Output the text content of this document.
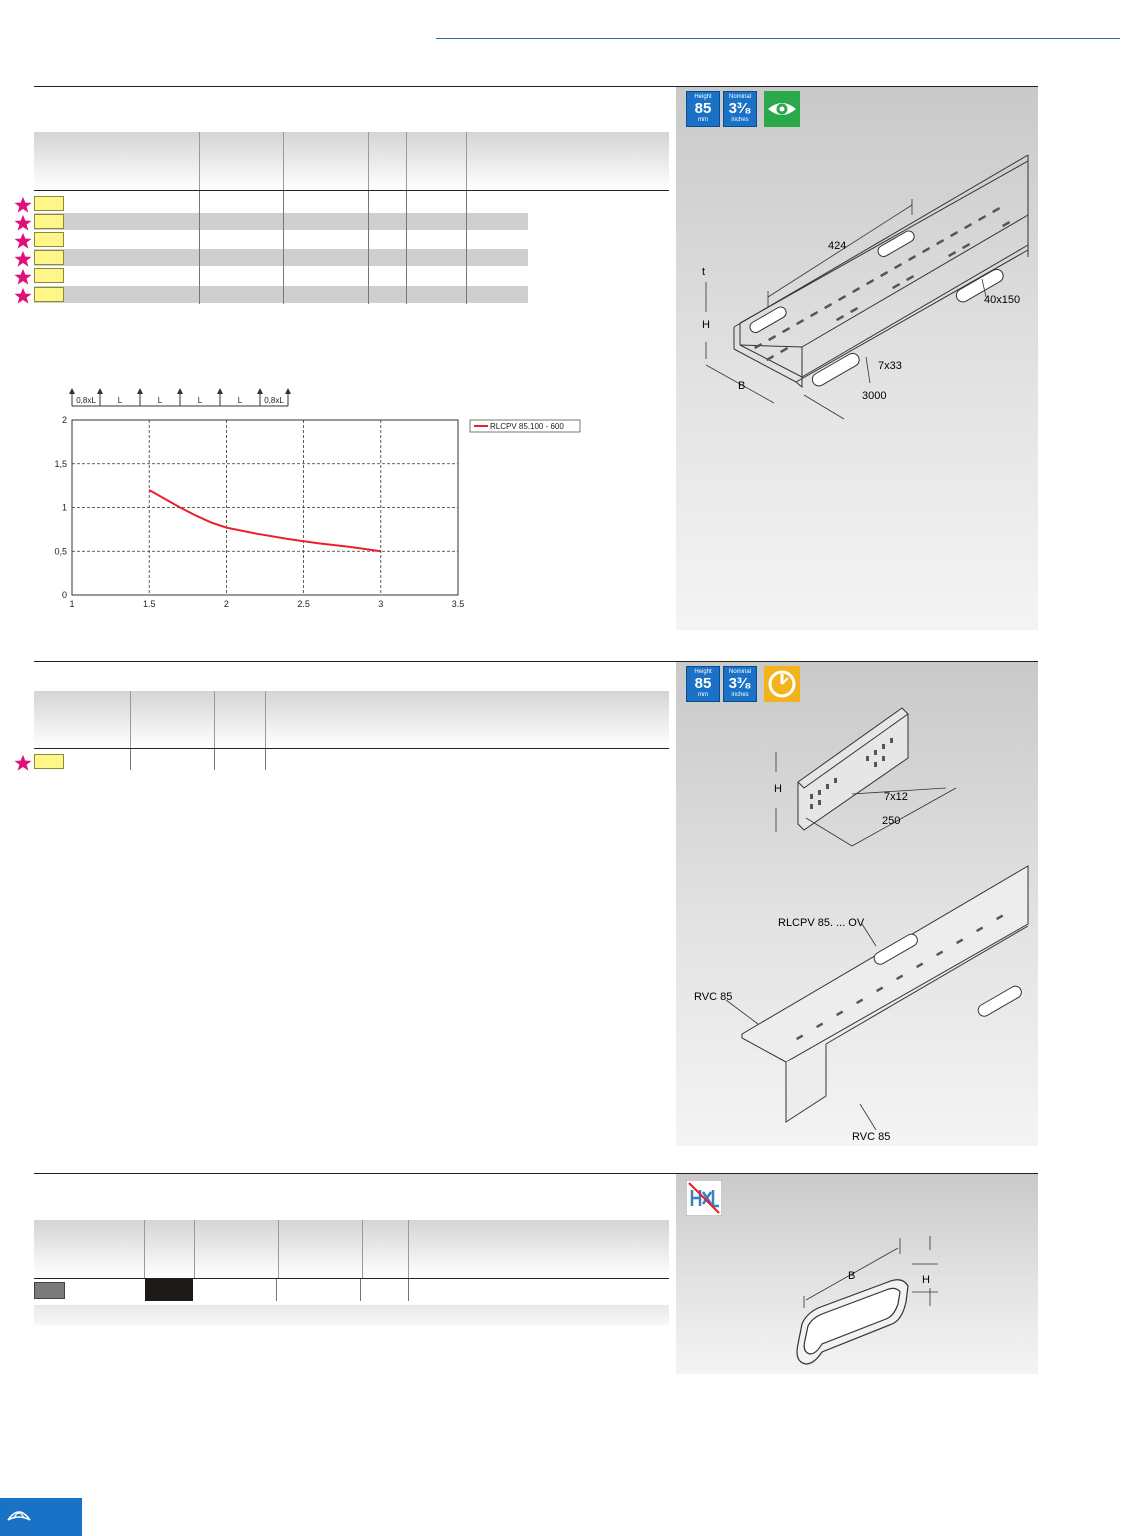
Height
85
mm
Nominal
3³⁄₈
inches
0,8xL	L	L	L	L	0,8xL
1	1.5	2	2.5	3	3.5
0
0,5
1
1,5
2
RLCPV 85.100 - 600
424
t
H
B
40x150
7x33
3000
Height
85
mm
Nominal
3³⁄₈
inches
H
7x12
250
RLCPV 85. ... OV
RVC 85
RVC 85
B	H
